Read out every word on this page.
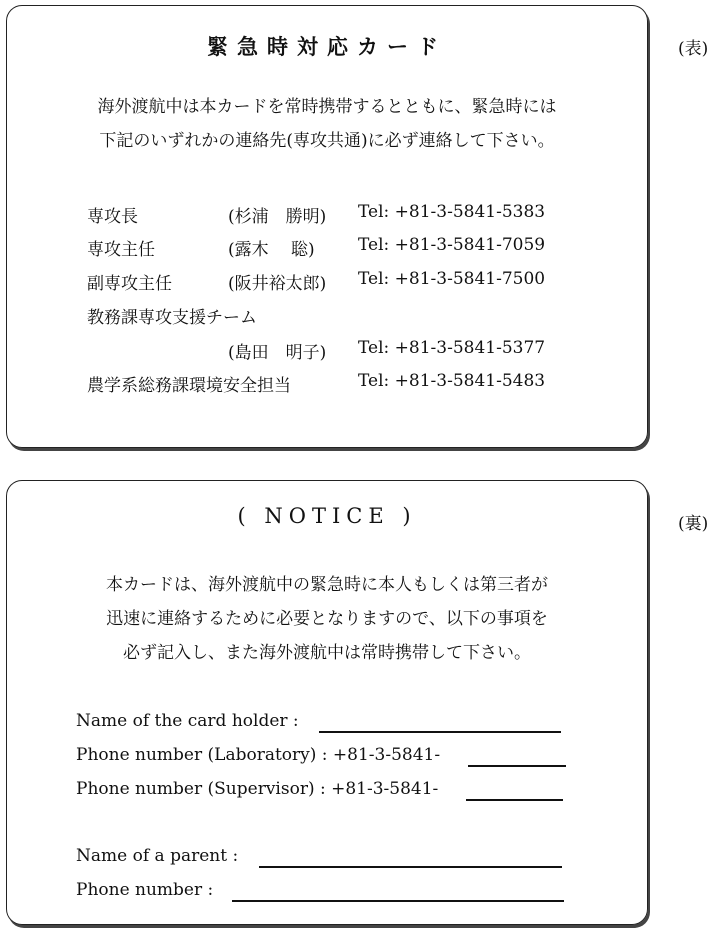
緊急時対応カード
海外渡航中は本カードを常時携帯するとともに、緊急時には
下記のいずれかの連絡先(専攻共通)に必ず連絡して下さい。
専攻長	(杉浦　勝明) Tel: +81-3-5841-5383
専攻主任	(露木　 聡)	Tel: +81-3-5841-7059
副専攻主任	(阪井裕太郎) Tel: +81-3-5841-7500
教務課専攻支援チーム
(島田　明子) Tel: +81-3-5841-5377
農学系総務課環境安全担当	Tel: +81-3-5841-5483
(表)
( NOTICE )
本カードは、海外渡航中の緊急時に本人もしくは第三者が
迅速に連絡するために必要となりますので、以下の事項を
必ず記入し、また海外渡航中は常時携帯して下さい。
Name of the card holder :
Phone number (Laboratory) : +81-3-5841-
Phone number (Supervisor) : +81-3-5841-
Name of a parent :
Phone number :
(裏)
